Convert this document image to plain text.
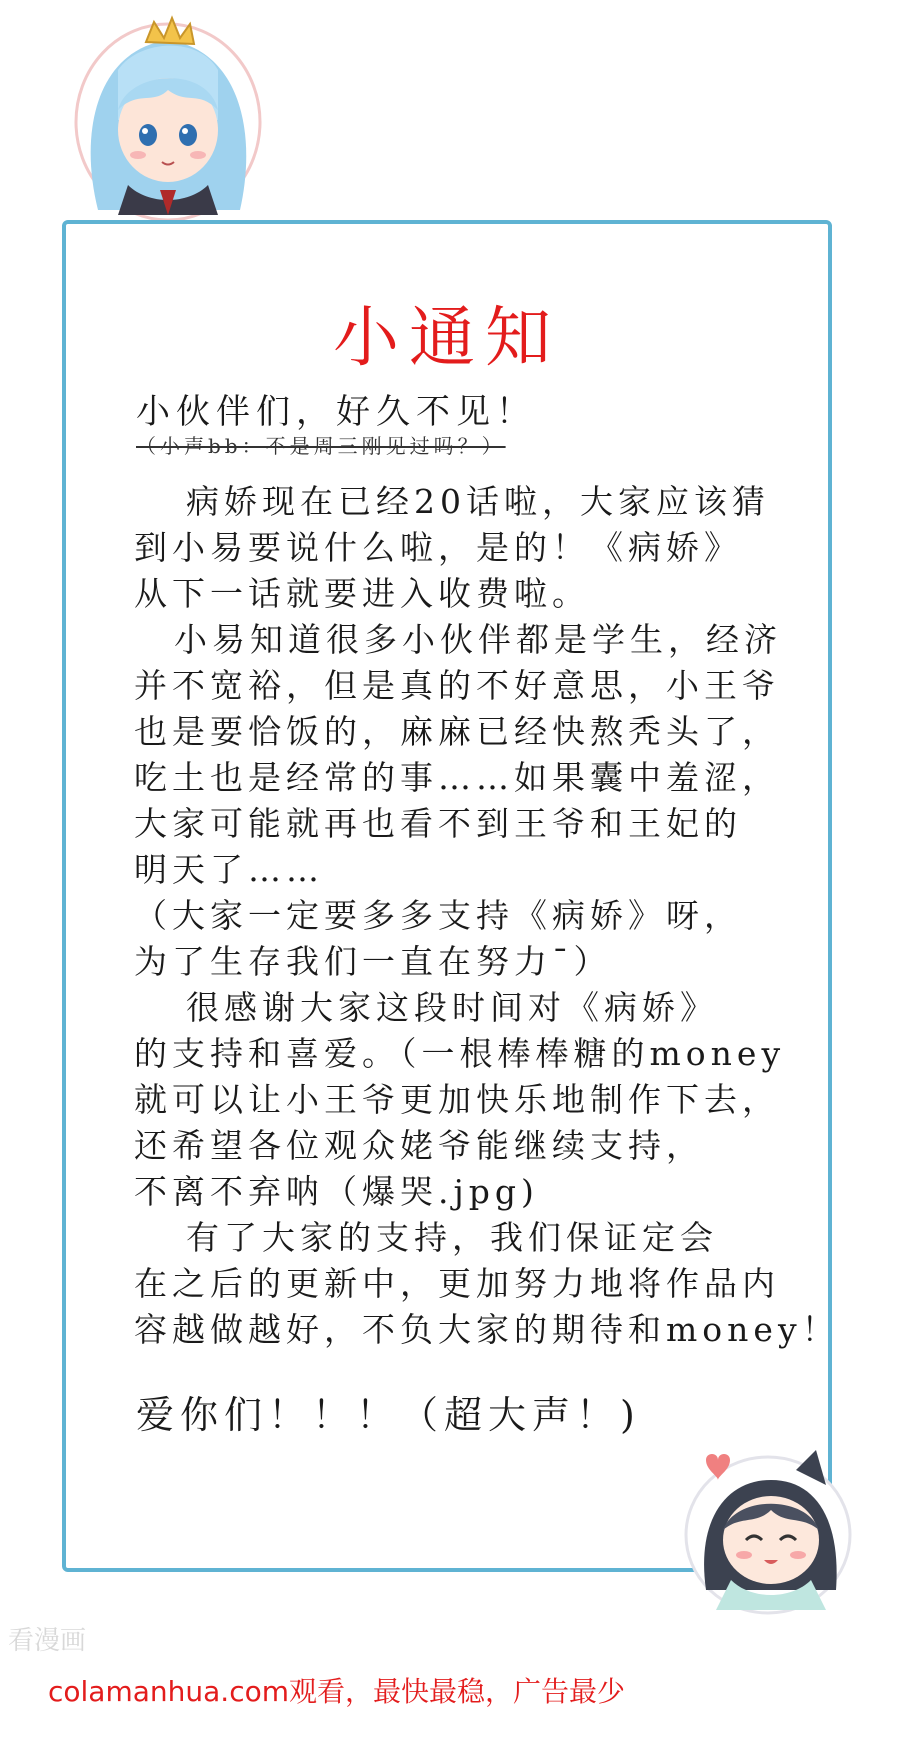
小通知
小伙伴们，好久不见！
（小声bb：不是周三刚见过吗？）
病娇现在已经20话啦，大家应该猜
到小易要说什么啦，是的！《病娇》
从下一话就要进入收费啦。
小易知道很多小伙伴都是学生，经济
并不宽裕，但是真的不好意思，小王爷
也是要恰饭的，麻麻已经快熬秃头了，
吃土也是经常的事……如果囊中羞涩，
大家可能就再也看不到王爷和王妃的
明天了……
（大家一定要多多支持《病娇》呀，
为了生存我们一直在努力¯）
很感谢大家这段时间对《病娇》
的支持和喜爱。（一根棒棒糖的money
就可以让小王爷更加快乐地制作下去，
还希望各位观众姥爷能继续支持，
不离不弃呐（爆哭.jpg)
有了大家的支持，我们保证定会
在之后的更新中，更加努力地将作品内
容越做越好，不负大家的期待和money！
爱你们！！！（超大声！)
看漫画
colamanhua.com观看，最快最稳，广告最少
